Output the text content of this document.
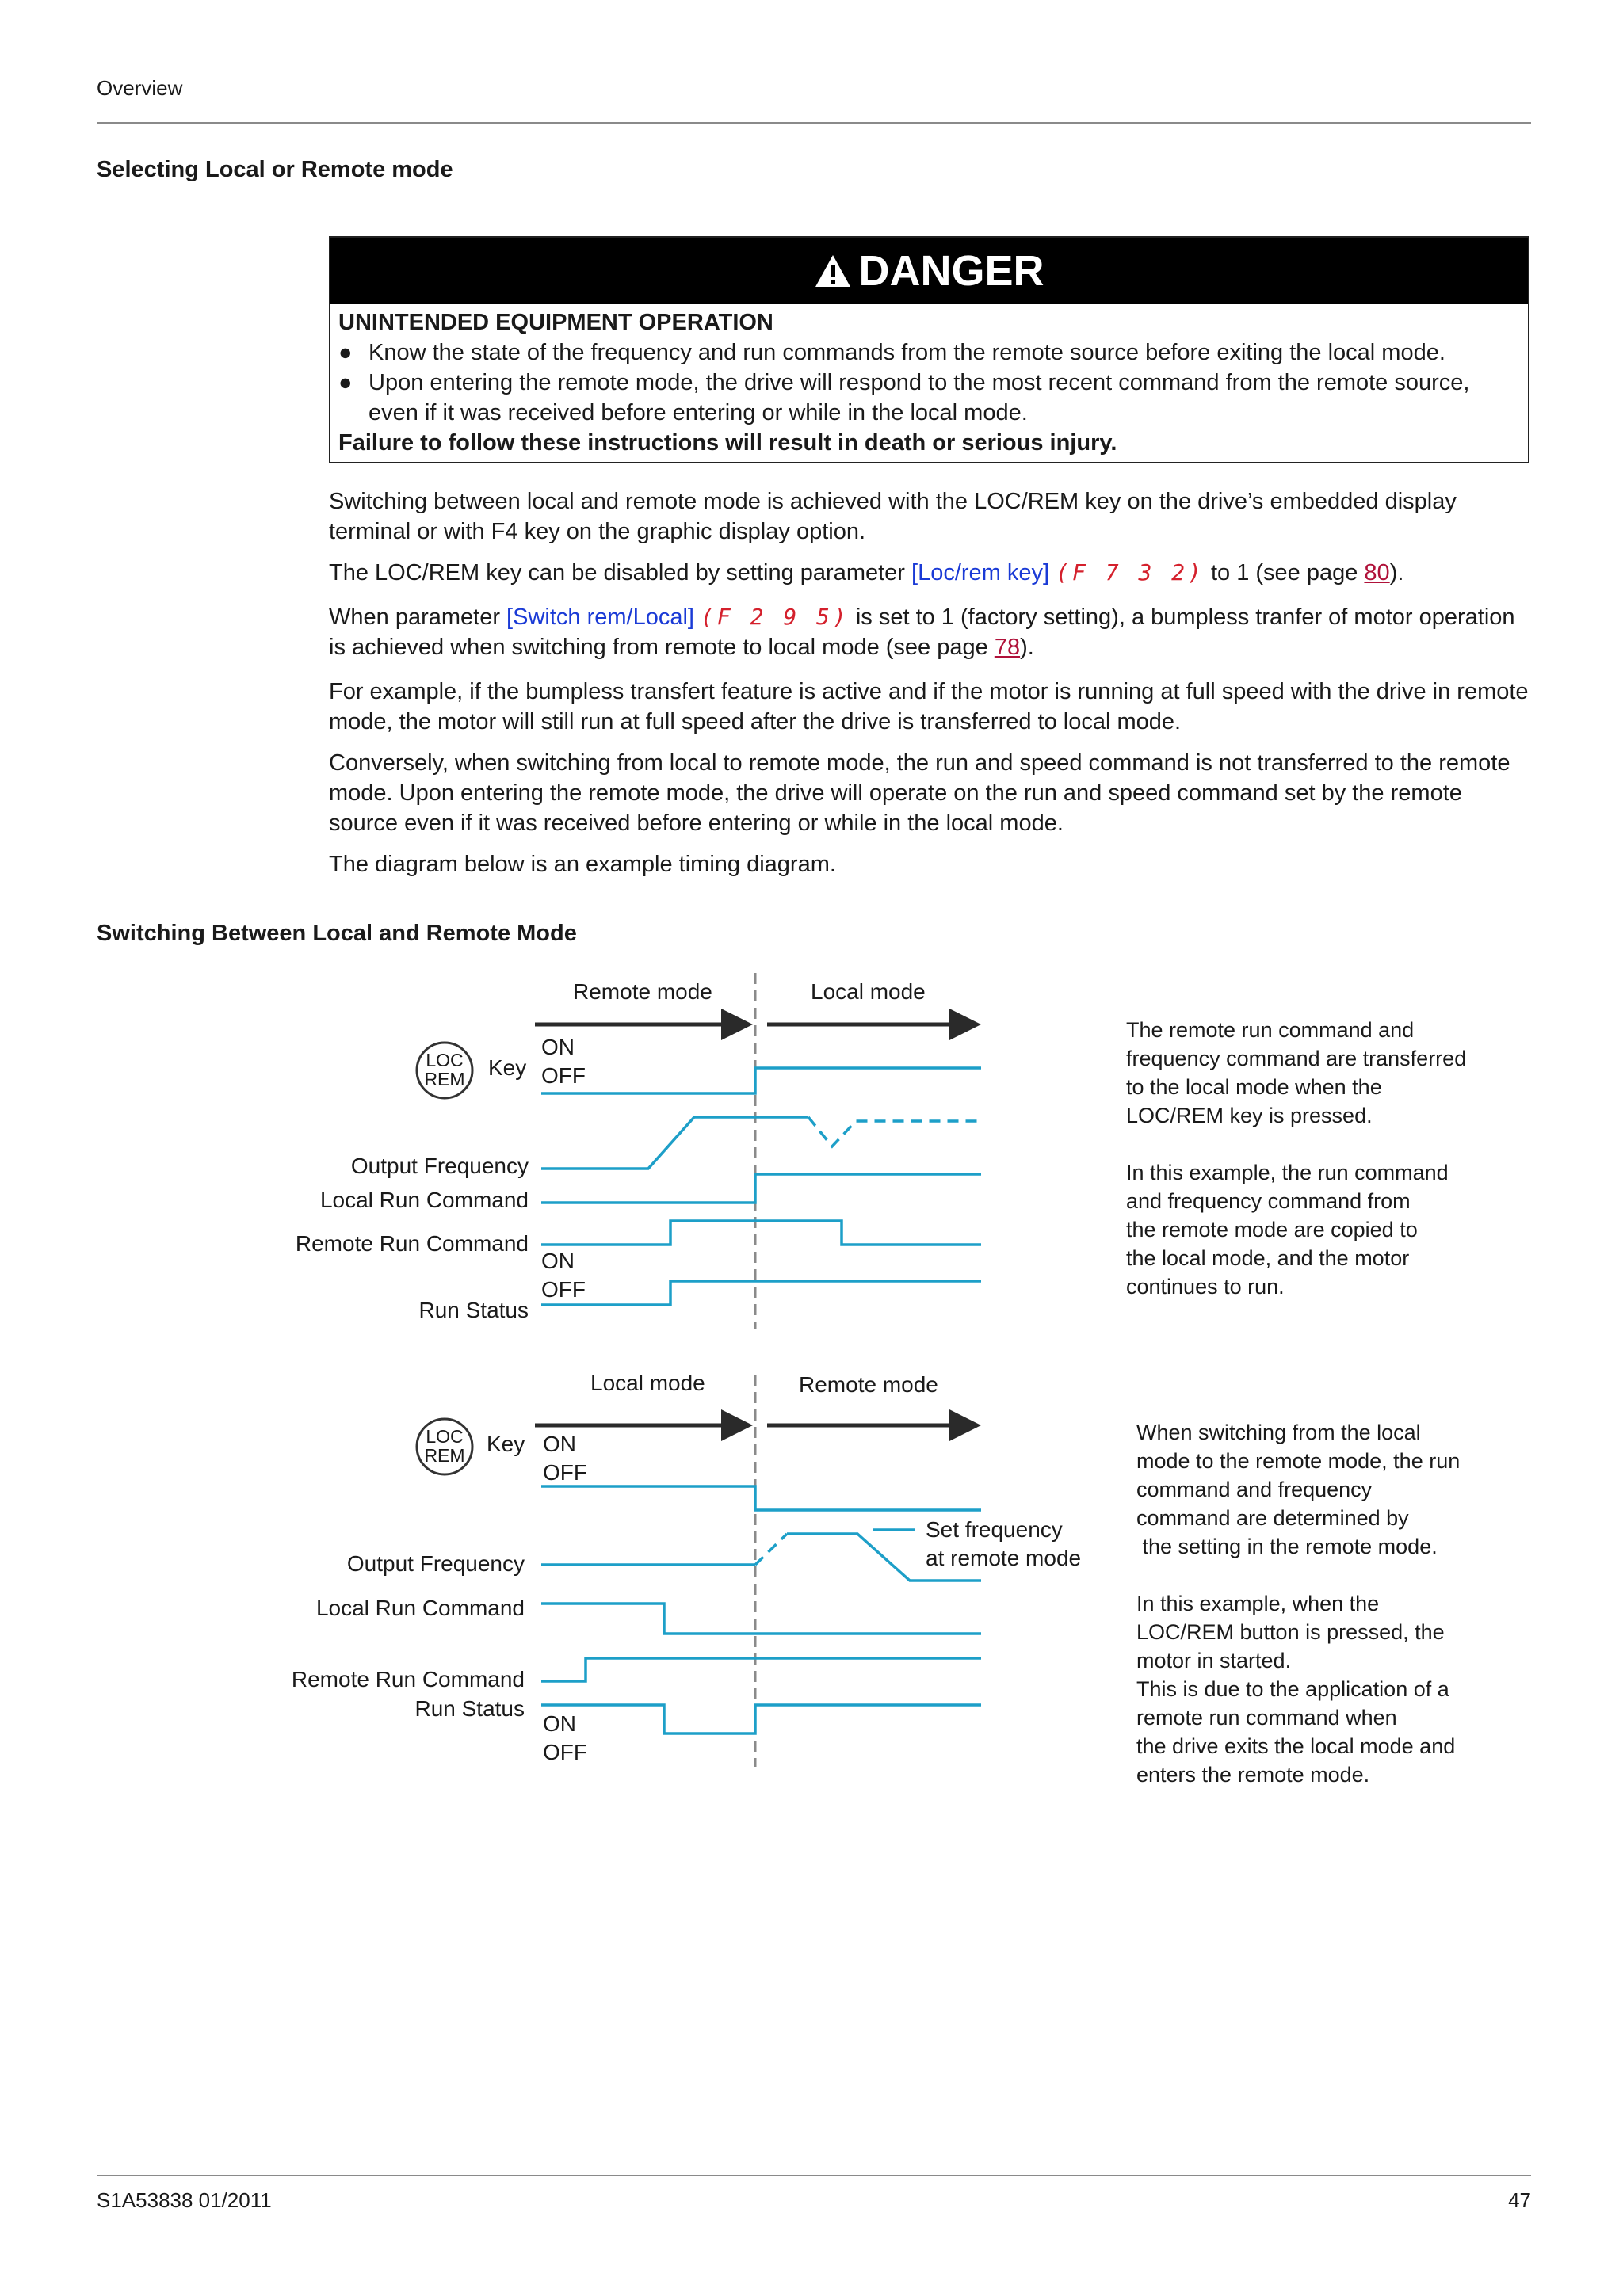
Overview
Selecting Local or Remote mode
DANGER
UNINTENDED EQUIPMENT OPERATION
● Know the state of the frequency and run commands from the remote source before exiting the local mode.
● Upon entering the remote mode, the drive will respond to the most recent command from the remote source, even if it was received before entering or while in the local mode.
Failure to follow these instructions will result in death or serious injury.
Switching between local and remote mode is achieved with the LOC/REM key on the drive’s embedded display terminal or with F4 key on the graphic display option.
The LOC/REM key can be disabled by setting parameter [Loc/rem key] (F 7 3 2) to 1 (see page 80).
When parameter [Switch rem/Local] (F 2 9 5) is set to 1 (factory setting), a bumpless tranfer of motor operation is achieved when switching from remote to local mode (see page 78).
For example, if the bumpless transfert feature is active and if the motor is running at full speed with the drive in remote mode, the motor will still run at full speed after the drive is transferred to local mode.
Conversely, when switching from local to remote mode, the run and speed command is not transferred to the remote mode. Upon entering the remote mode, the drive will operate on the run and speed command set by the remote source even if it was received before entering or while in the local mode.
The diagram below is an example timing diagram.
Switching Between Local and Remote Mode
Remote mode	Local mode
LOC
REM Key
ON
OFF
Output Frequency
Local Run Command
Remote Run Command
ON
OFF
Run Status
Local mode	Remote mode
LOC
REM Key ON
OFF
Set frequency
at remote mode
Output Frequency
Local Run Command
Remote Run Command
Run Status
ON
OFF
The remote run command and
frequency command are transferred
to the local mode when the
LOC/REM key is pressed.
In this example, the run command
and frequency command from
the remote mode are copied to
the local mode, and the motor
continues to run.
When switching from the local
mode to the remote mode, the run
command and frequency
command are determined by
the setting in the remote mode.
In this example, when the
LOC/REM button is pressed, the
motor in started.
This is due to the application of a
remote run command when
the drive exits the local mode and
enters the remote mode.
S1A53838 01/2011	47
